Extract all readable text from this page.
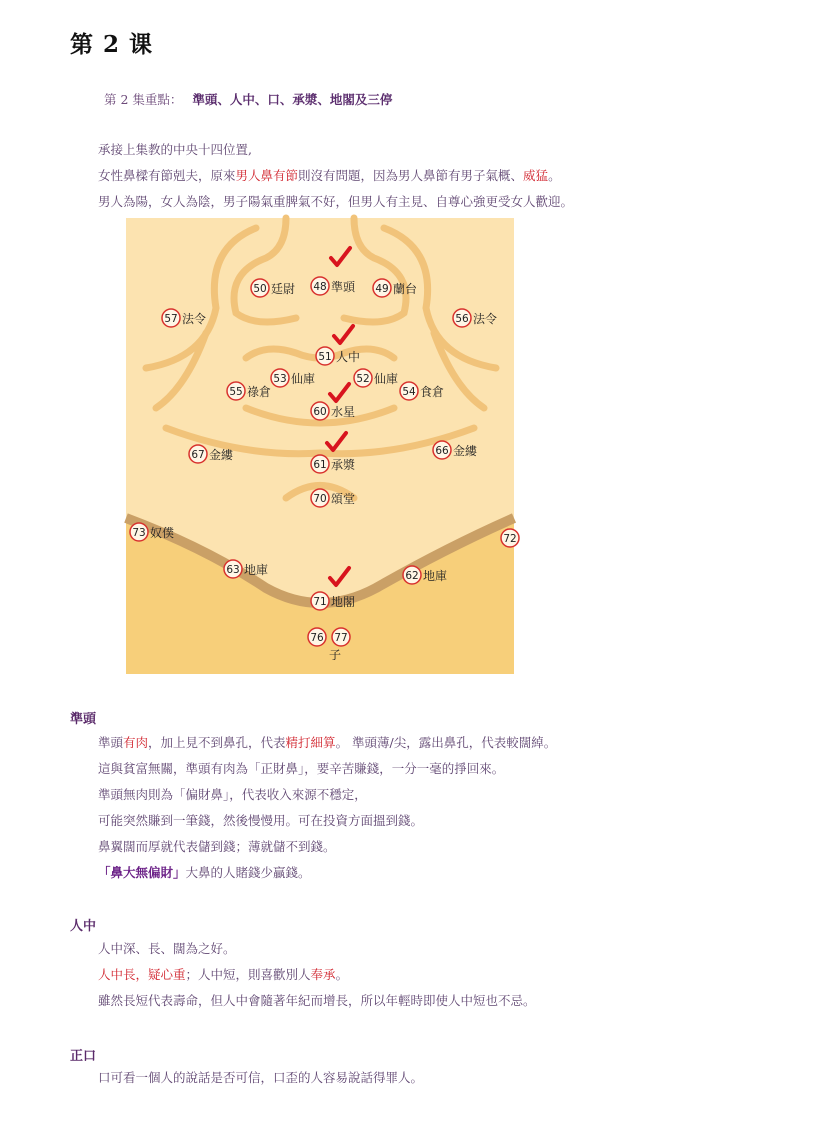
第 2 课
第 2 集重點： 準頭、人中、口、承漿、地閣及三停
承接上集教的中央十四位置,
女性鼻樑有節剋夫，原來男人鼻有節則沒有問題，因為男人鼻節有男子氣概、威猛。
男人為陽，女人為陰，男子陽氣重脾氣不好，但男人有主見、自尊心強更受女人歡迎。
50 廷尉 48 準頭 49 蘭台
57 法令	56 法令
51 人中
53 仙庫	52 仙庫
55 祿倉	54 食倉
60 水星
67 金縷	66 金縷
61 承漿
70 頌堂
73 奴僕	72
63 地庫	62 地庫
71 地閣
76 77
子
準頭
準頭有肉，加上見不到鼻孔，代表精打細算。 準頭薄/尖，露出鼻孔，代表較闊綽。
這與貧富無關，準頭有肉為「正財鼻」，要辛苦賺錢，一分一毫的掙回來。
準頭無肉則為「偏財鼻」，代表收入來源不穩定，
可能突然賺到一筆錢，然後慢慢用。可在投資方面搵到錢。
鼻翼闊而厚就代表儲到錢；薄就儲不到錢。
「鼻大無偏財」大鼻的人賭錢少贏錢。
人中
人中深、長、闊為之好。
人中長，疑心重；人中短，則喜歡別人奉承。
雖然長短代表壽命，但人中會隨著年紀而增長，所以年輕時即使人中短也不忌。
正口
口可看一個人的說話是否可信，口歪的人容易說話得罪人。
